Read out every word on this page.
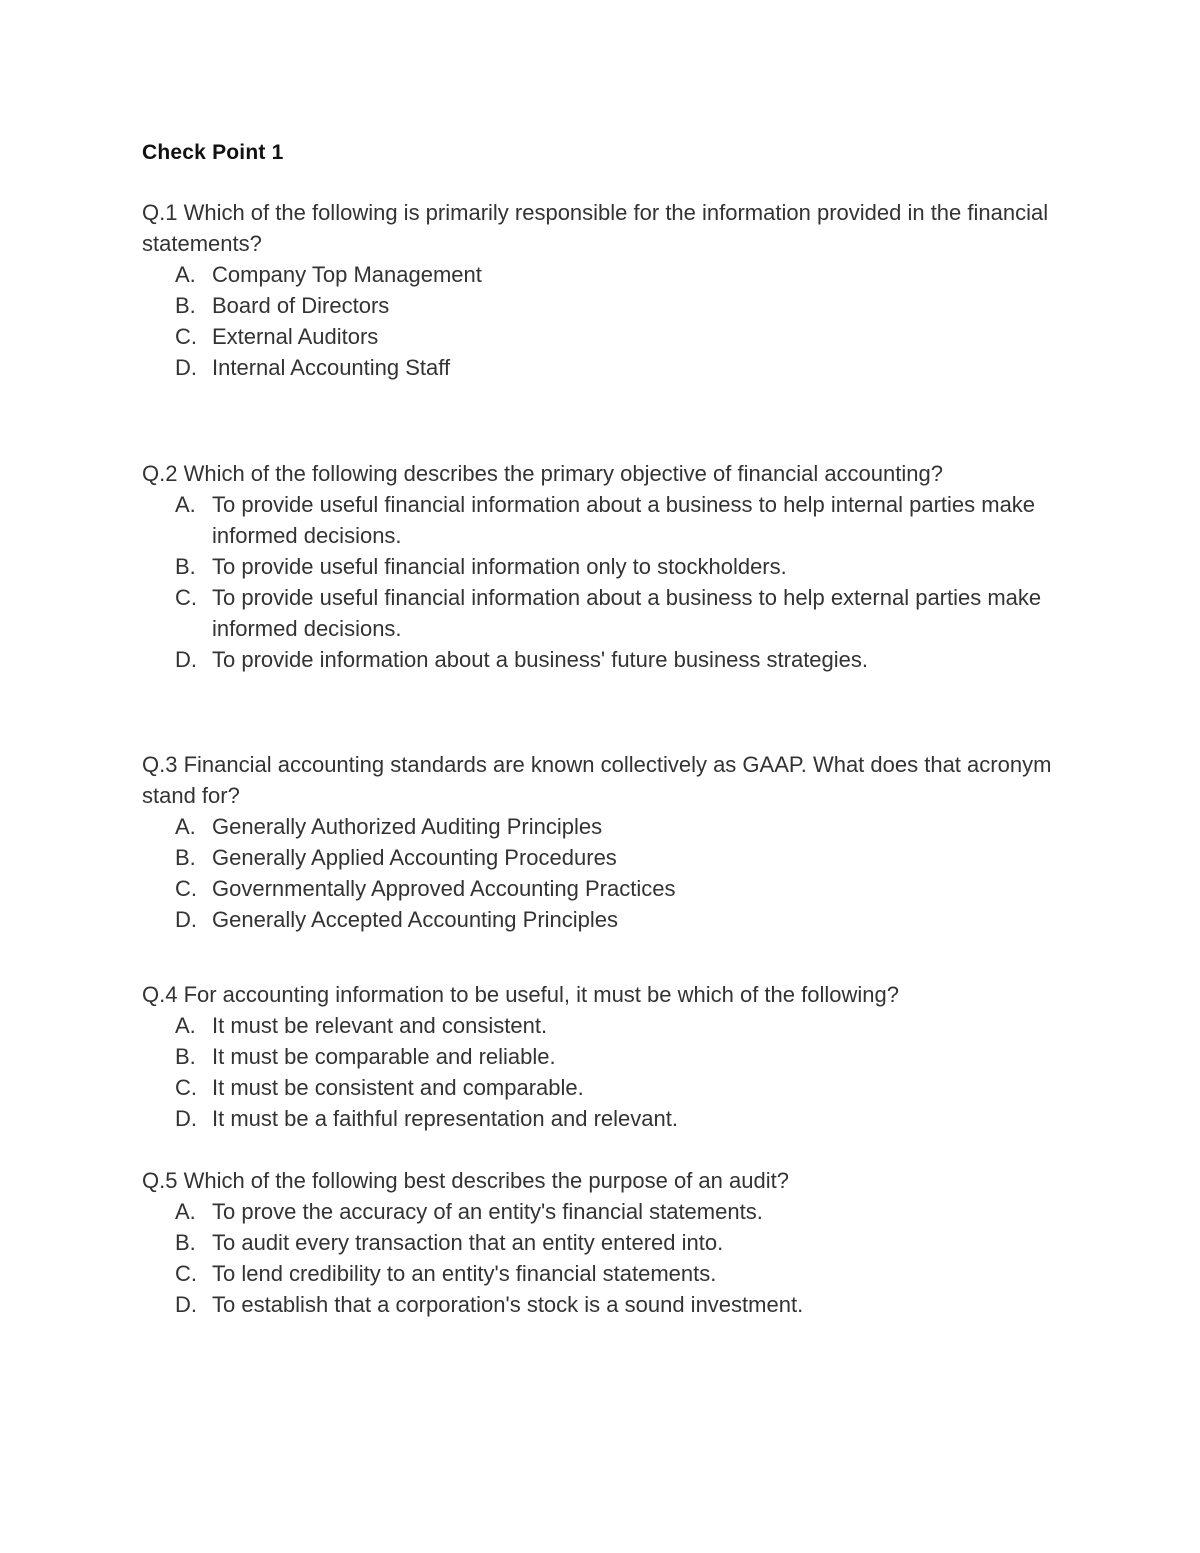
Check Point 1

Q.1 Which of the following is primarily responsible for the information provided in the financial statements?

A. Company Top Management
B. Board of Directors
C. External Auditors
D. Internal Accounting Staff

Q.2 Which of the following describes the primary objective of financial accounting?

A. To provide useful financial information about a business to help internal parties make informed decisions.
B. To provide useful financial information only to stockholders.
C. To provide useful financial information about a business to help external parties make informed decisions.
D. To provide information about a business' future business strategies.

Q.3 Financial accounting standards are known collectively as GAAP. What does that acronym stand for?

A. Generally Authorized Auditing Principles
B. Generally Applied Accounting Procedures
C. Governmentally Approved Accounting Practices
D. Generally Accepted Accounting Principles

Q.4 For accounting information to be useful, it must be which of the following?

A. It must be relevant and consistent.
B. It must be comparable and reliable.
C. It must be consistent and comparable.
D. It must be a faithful representation and relevant.

Q.5 Which of the following best describes the purpose of an audit?

A. To prove the accuracy of an entity's financial statements.
B. To audit every transaction that an entity entered into.
C. To lend credibility to an entity's financial statements.
D. To establish that a corporation's stock is a sound investment.
